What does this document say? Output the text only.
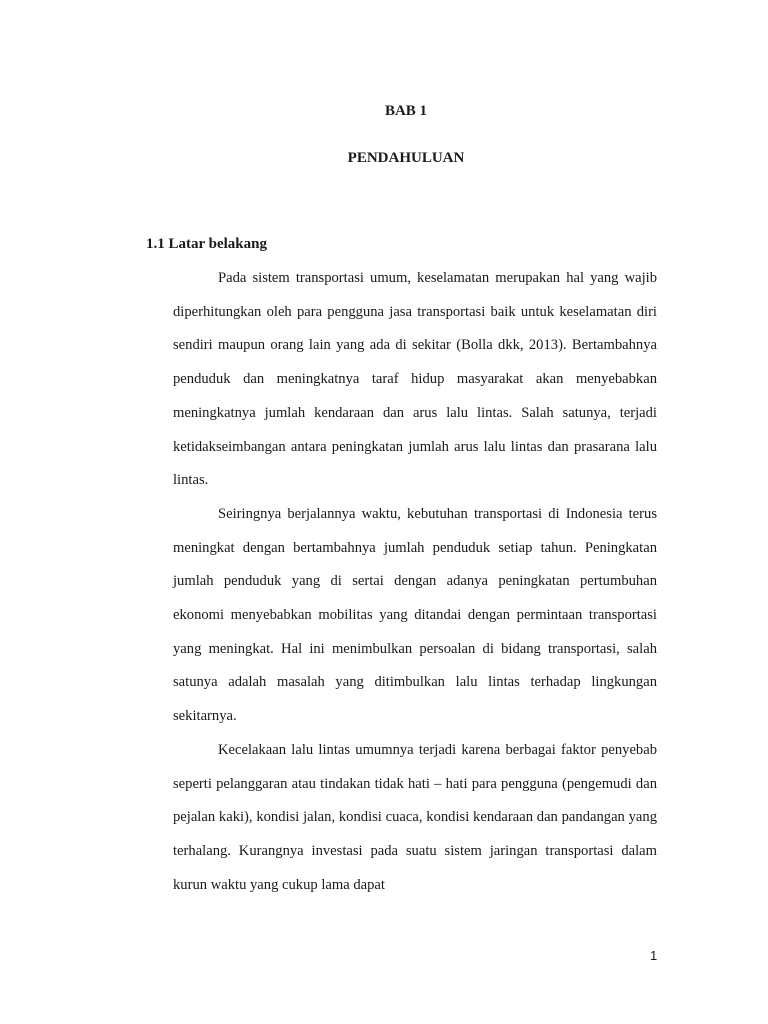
BAB 1
PENDAHULUAN
1.1 Latar belakang

Pada sistem transportasi umum, keselamatan merupakan hal yang wajib diperhitungkan oleh para pengguna jasa transportasi baik untuk keselamatan diri sendiri maupun orang lain yang ada di sekitar (Bolla dkk, 2013). Bertambahnya penduduk dan meningkatnya taraf hidup masyarakat akan menyebabkan meningkatnya jumlah kendaraan dan arus lalu lintas. Salah satunya, terjadi ketidakseimbangan antara peningkatan jumlah arus lalu lintas dan prasarana lalu lintas.

Seiringnya berjalannya waktu, kebutuhan transportasi di Indonesia terus meningkat dengan bertambahnya jumlah penduduk setiap tahun. Peningkatan jumlah penduduk yang di sertai dengan adanya peningkatan pertumbuhan ekonomi menyebabkan mobilitas yang ditandai dengan permintaan transportasi yang meningkat. Hal ini menimbulkan persoalan di bidang transportasi, salah satunya adalah masalah yang ditimbulkan lalu lintas terhadap lingkungan sekitarnya.

Kecelakaan lalu lintas umumnya terjadi karena berbagai faktor penyebab seperti pelanggaran atau tindakan tidak hati – hati para pengguna (pengemudi dan pejalan kaki), kondisi jalan, kondisi cuaca, kondisi kendaraan dan pandangan yang terhalang. Kurangnya investasi pada suatu sistem jaringan transportasi dalam kurun waktu yang cukup lama dapat

1
